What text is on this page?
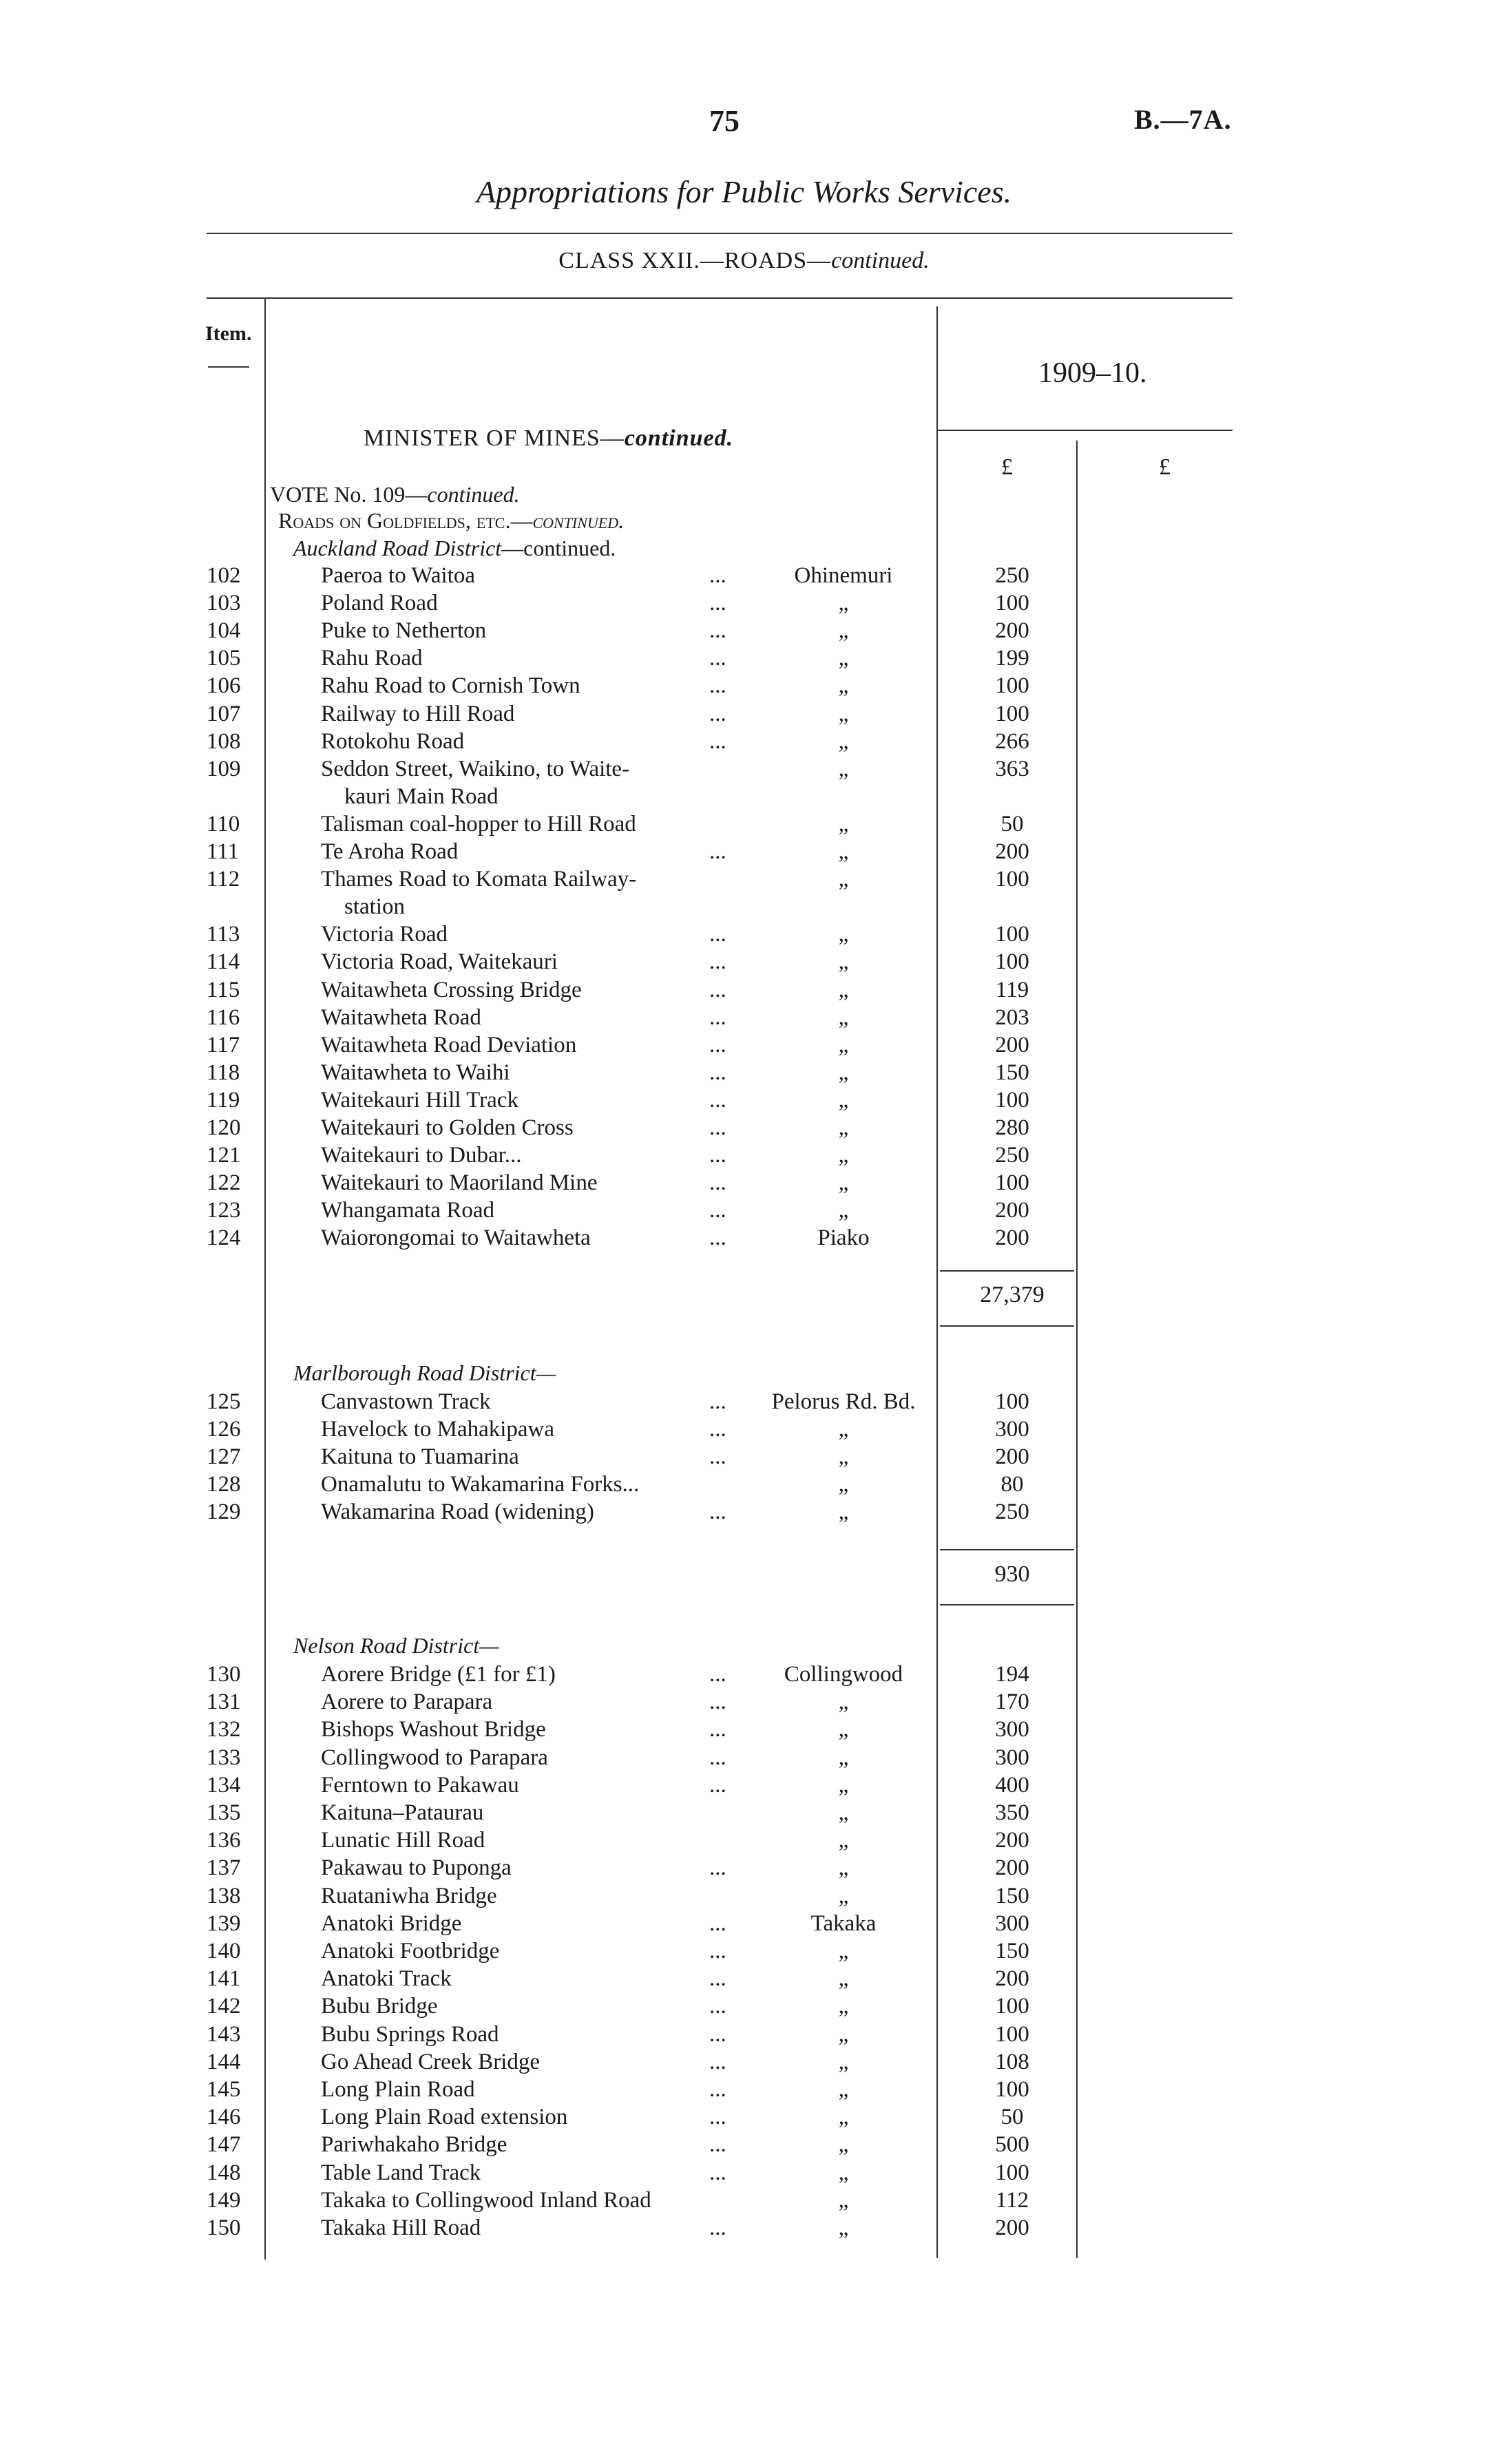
75	B.—7A.
Appropriations for Public Works Services.
CLASS XXII.—ROADS—continued.
Item.
1909–10.
£	£
MINISTER OF MINES—continued.
VOTE No. 109—continued.
Roads on Goldfields, etc.—continued.
Auckland Road District—continued.
102	Paeroa to Waitoa	...	Ohinemuri	250
103	Poland Road	...	„	100
104	Puke to Netherton	...	„	200
105	Rahu Road	...	„	199
106	Rahu Road to Cornish Town	...	„	100
107	Railway to Hill Road	...	„	100
108	Rotokohu Road	...	„	266
109	Seddon Street, Waikino, to Waite-	„	363
kauri Main Road
110	Talisman coal-hopper to Hill Road	„	50
111	Te Aroha Road	...	„	200
112	Thames Road to Komata Railway-	„	100
station
113	Victoria Road	...	„	100
114	Victoria Road, Waitekauri	...	„	100
115	Waitawheta Crossing Bridge	...	„	119
116	Waitawheta Road	...	„	203
117	Waitawheta Road Deviation	...	„	200
118	Waitawheta to Waihi	...	„	150
119	Waitekauri Hill Track	...	„	100
120	Waitekauri to Golden Cross	...	„	280
121	Waitekauri to Dubar...	...	„	250
122	Waitekauri to Maoriland Mine	...	„	100
123	Whangamata Road	...	„	200
124	Waiorongomai to Waitawheta	...	Piako	200
27,379
Marlborough Road District—
125	Canvastown Track	...	Pelorus Rd. Bd.	100
126	Havelock to Mahakipawa	...	„	300
127	Kaituna to Tuamarina	...	„	200
128	Onamalutu to Wakamarina Forks...	„	80
129	Wakamarina Road (widening)	...	„	250
930
Nelson Road District—
130	Aorere Bridge (£1 for £1)	...	Collingwood	194
131	Aorere to Parapara	...	„	170
132	Bishops Washout Bridge	...	„	300
133	Collingwood to Parapara	...	„	300
134	Ferntown to Pakawau	...	„	400
135	Kaituna–Pataurau	„	350
136	Lunatic Hill Road	„	200
137	Pakawau to Puponga	...	„	200
138	Ruataniwha Bridge	„	150
139	Anatoki Bridge	...	Takaka	300
140	Anatoki Footbridge	...	„	150
141	Anatoki Track	...	„	200
142	Bubu Bridge	...	„	100
143	Bubu Springs Road	...	„	100
144	Go Ahead Creek Bridge	...	„	108
145	Long Plain Road	...	„	100
146	Long Plain Road extension	...	„	50
147	Pariwhakaho Bridge	...	„	500
148	Table Land Track	...	„	100
149	Takaka to Collingwood Inland Road	„	112
150	Takaka Hill Road	...	„	200
